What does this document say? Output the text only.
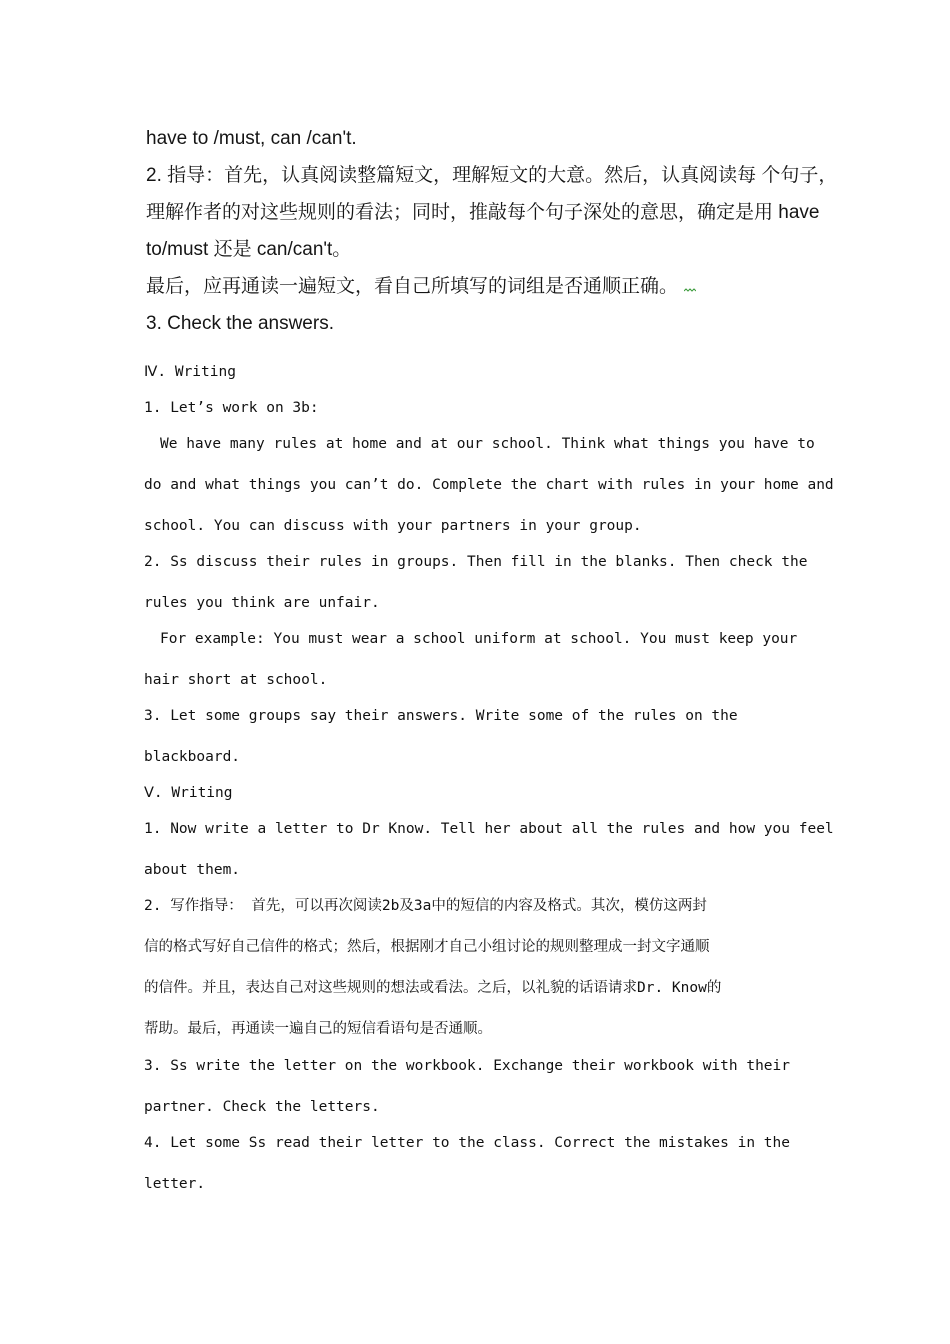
have to /must, can /can't.
2. 指导：首先，认真阅读整篇短文，理解短文的大意。然后，认真阅读每 个句子，
理解作者的对这些规则的看法；同时，推敲每个句子深处的意思，确定是用 have
to/must 还是 can/can't。
最后，应再通读一遍短文，看自己所填写的词组是否通顺正确。
3. Check the answers.
Ⅳ. Writing
1. Let’s work on 3b:
We have many rules at home and at our school. Think what things you have to
do and what things you can’t do. Complete the chart with rules in your home and
school. You can discuss with your partners in your group.
2. Ss discuss their rules in groups. Then fill in the blanks. Then check the
rules you think are unfair.
For example: You must wear a school uniform at school. You must keep your
hair short at school.
3. Let some groups say their answers. Write some of the rules on the
blackboard.
Ⅴ. Writing
1. Now write a letter to Dr Know. Tell her about all the rules and how you feel
about them.
2. 写作指导： 首先，可以再次阅读2b及3a中的短信的内容及格式。其次，模仿这两封
信的格式写好自己信件的格式；然后，根据刚才自己小组讨论的规则整理成一封文字通顺
的信件。并且，表达自己对这些规则的想法或看法。之后，以礼貌的话语请求Dr. Know的
帮助。最后，再通读一遍自己的短信看语句是否通顺。
3. Ss write the letter on the workbook. Exchange their workbook with their
partner. Check the letters.
4. Let some Ss read their letter to the class. Correct the mistakes in the
letter.
